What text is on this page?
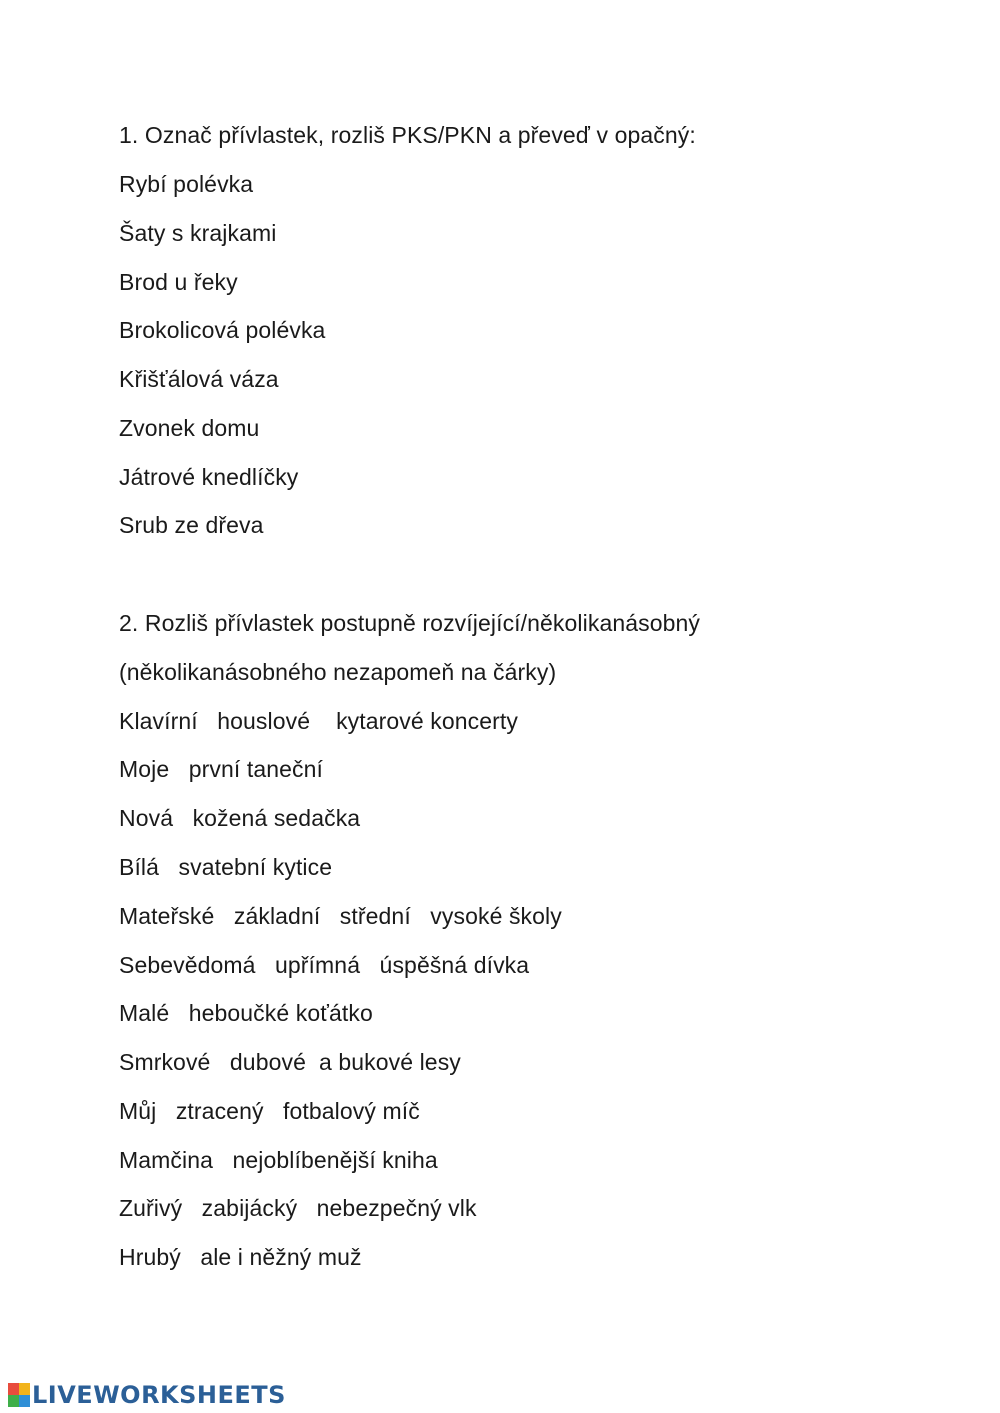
1. Označ přívlastek, rozliš PKS/PKN a převeď v opačný:
Rybí polévka
Šaty s krajkami
Brod u řeky
Brokolicová polévka
Křišťálová váza
Zvonek domu
Játrové knedlíčky
Srub ze dřeva
2. Rozliš přívlastek postupně rozvíjející/několikanásobný
(několikanásobného nezapomeň na čárky)
Klavírní   houslové    kytarové koncerty
Moje   první taneční
Nová   kožená sedačka
Bílá   svatební kytice
Mateřské   základní   střední   vysoké školy
Sebevědomá   upřímná   úspěšná dívka
Malé   heboučké koťátko
Smrkové   dubové  a bukové lesy
Můj   ztracený   fotbalový míč
Mamčina   nejoblíbenější kniha
Zuřivý   zabijácký   nebezpečný vlk
Hrubý   ale i něžný muž
LIVEWORKSHEETS
